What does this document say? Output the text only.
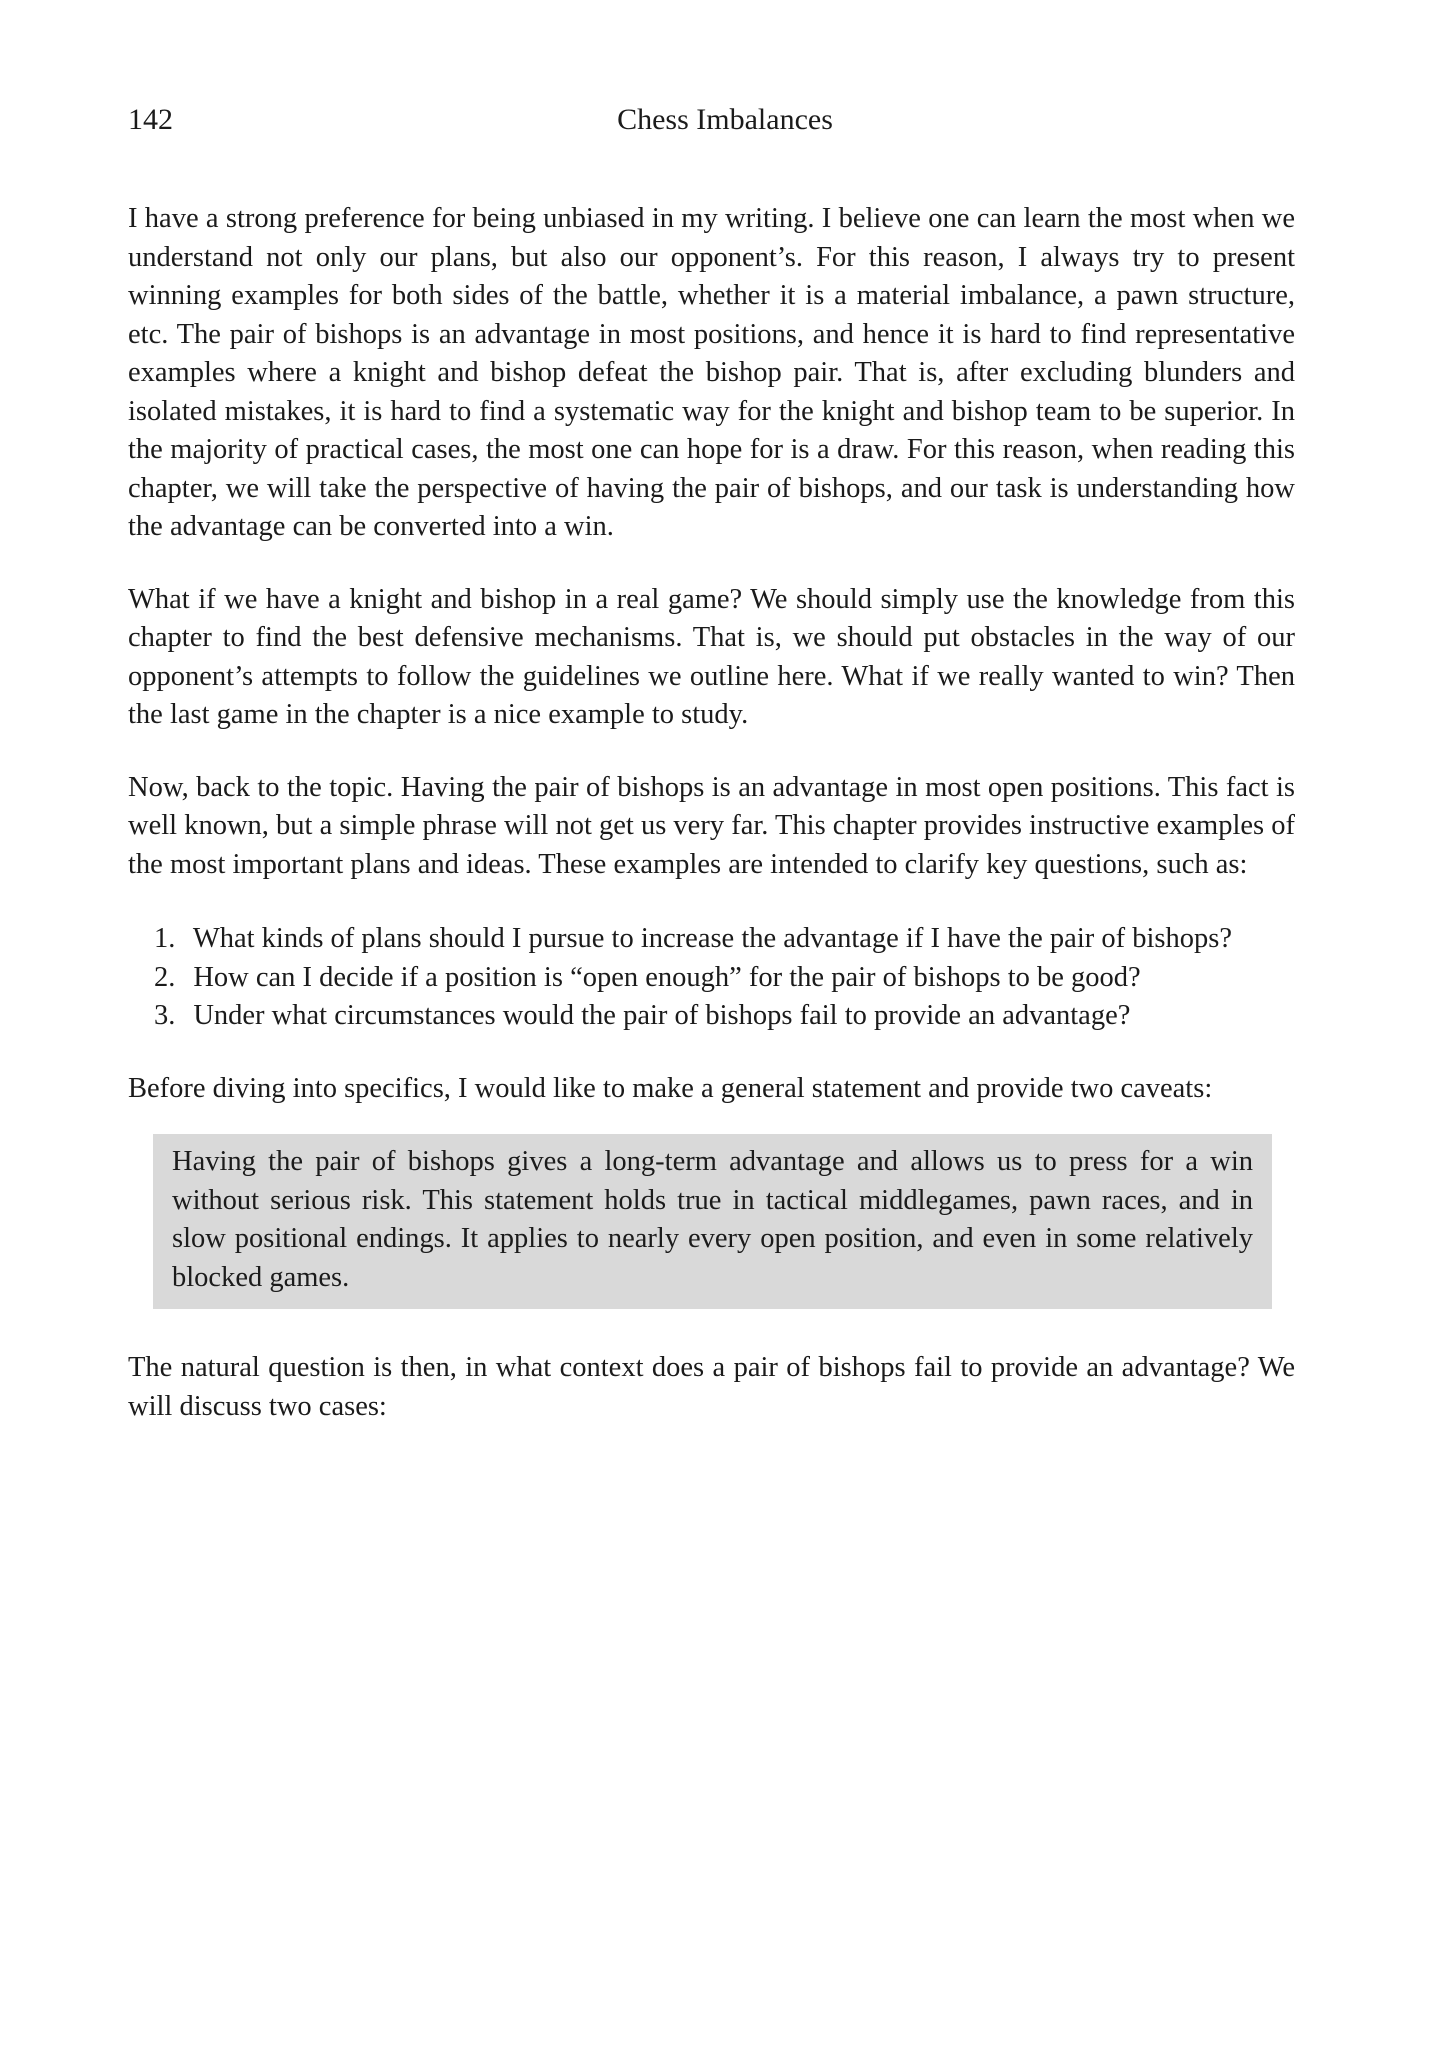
142	Chess Imbalances

I have a strong preference for being unbiased in my writing. I believe one can learn the most when we understand not only our plans, but also our opponent’s. For this reason, I always try to present winning examples for both sides of the battle, whether it is a material imbalance, a pawn structure, etc. The pair of bishops is an advantage in most positions, and hence it is hard to find representative examples where a knight and bishop defeat the bishop pair. That is, after excluding blunders and isolated mistakes, it is hard to find a systematic way for the knight and bishop team to be superior. In the majority of practical cases, the most one can hope for is a draw. For this reason, when reading this chapter, we will take the perspective of having the pair of bishops, and our task is understanding how the advantage can be converted into a win.

What if we have a knight and bishop in a real game? We should simply use the knowledge from this chapter to find the best defensive mechanisms. That is, we should put obstacles in the way of our opponent’s attempts to follow the guidelines we outline here. What if we really wanted to win? Then the last game in the chapter is a nice example to study.

Now, back to the topic. Having the pair of bishops is an advantage in most open positions. This fact is well known, but a simple phrase will not get us very far. This chapter provides instructive examples of the most important plans and ideas. These examples are intended to clarify key questions, such as:

1. What kinds of plans should I pursue to increase the advantage if I have the pair of bishops?
2. How can I decide if a position is “open enough” for the pair of bishops to be good?
3. Under what circumstances would the pair of bishops fail to provide an advantage?

Before diving into specifics, I would like to make a general statement and provide two caveats:

Having the pair of bishops gives a long-term advantage and allows us to press for a win without serious risk. This statement holds true in tactical middlegames, pawn races, and in slow positional endings. It applies to nearly every open position, and even in some relatively blocked games.

The natural question is then, in what context does a pair of bishops fail to provide an advantage? We will discuss two cases:
